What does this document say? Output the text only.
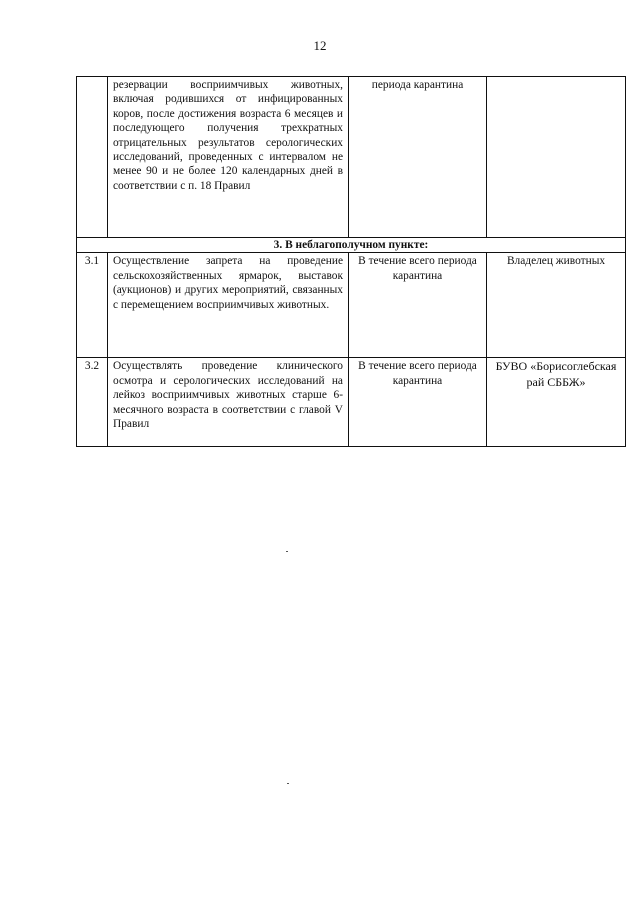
12
	резервации восприимчивых животных, включая родившихся от инфицированных коров, после достижения возраста 6 месяцев и последующего получения трехкратных отрицательных результатов серологических исследований, проведенных с интервалом не менее 90 и не более 120 календарных дней в соответствии с п. 18 Правил	периода карантина	
3. В неблагополучном пункте:			
3.1	Осуществление запрета на проведение сельскохозяйственных ярмарок, выставок (аукционов) и других мероприятий, связанных с перемещением восприимчивых животных.	В течение всего периода карантина	Владелец животных
3.2	Осуществлять проведение клинического осмотра и серологических исследований на лейкоз восприимчивых животных старше 6-месячного возраста в соответствии с главой V Правил	В течение всего периода карантина	БУВО «Борисоглебская рай СББЖ»
